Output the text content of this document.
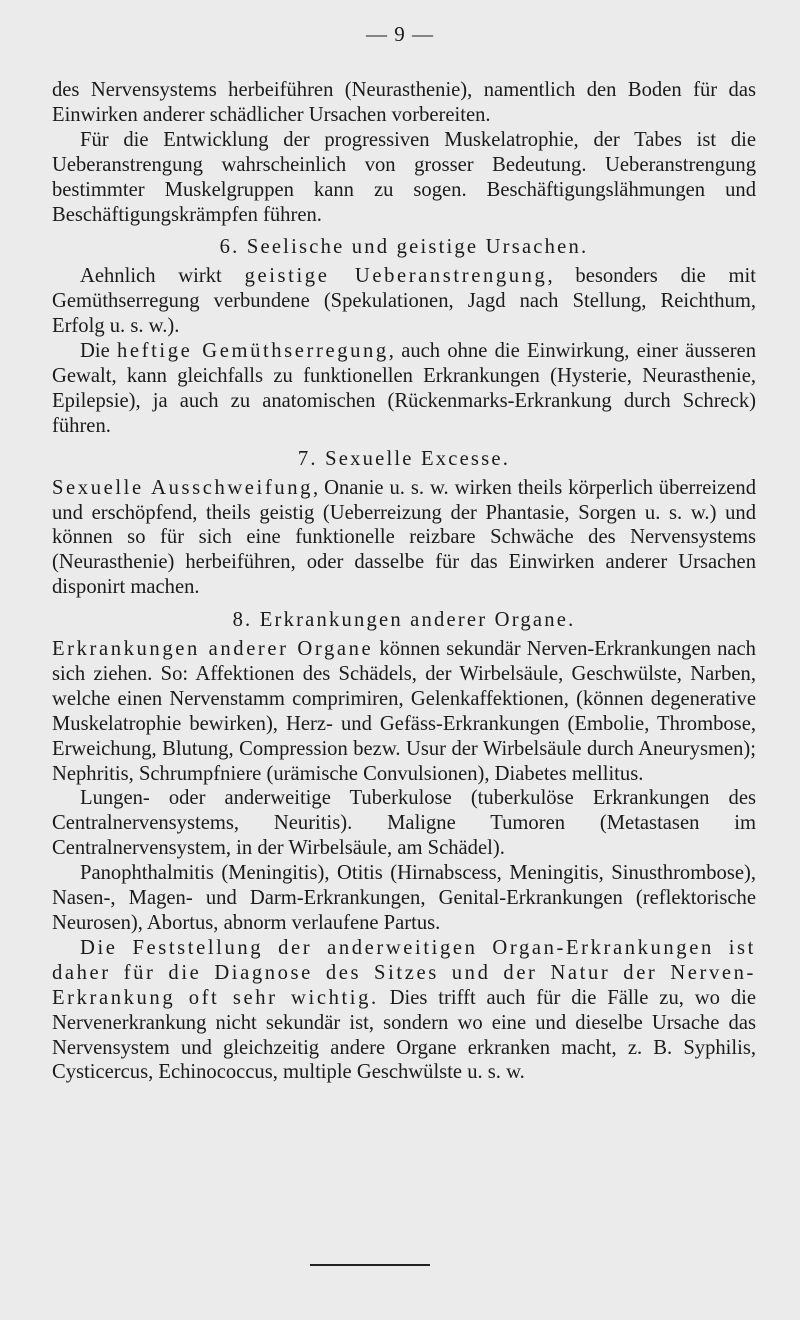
— 9 —

des Nervensystems herbeiführen (Neurasthenie), namentlich den Boden für das Einwirken anderer schädlicher Ursachen vorbereiten.

Für die Entwicklung der progressiven Muskelatrophie, der Tabes ist die Ueberanstrengung wahrscheinlich von grosser Bedeutung. Ueberanstrengung bestimmter Muskelgruppen kann zu sogen. Beschäftigungslähmungen und Beschäftigungskrämpfen führen.

6. Seelische und geistige Ursachen.

Aehnlich wirkt geistige Ueberanstrengung, besonders die mit Gemüthserregung verbundene (Spekulationen, Jagd nach Stellung, Reichthum, Erfolg u. s. w.).

Die heftige Gemüthserregung, auch ohne die Einwirkung, einer äusseren Gewalt, kann gleichfalls zu funktionellen Erkrankungen (Hysterie, Neurasthenie, Epilepsie), ja auch zu anatomischen (Rückenmarks-Erkrankung durch Schreck) führen.

7. Sexuelle Excesse.

Sexuelle Ausschweifung, Onanie u. s. w. wirken theils körperlich überreizend und erschöpfend, theils geistig (Ueberreizung der Phantasie, Sorgen u. s. w.) und können so für sich eine funktionelle reizbare Schwäche des Nervensystems (Neurasthenie) herbeiführen, oder dasselbe für das Einwirken anderer Ursachen disponirt machen.

8. Erkrankungen anderer Organe.

Erkrankungen anderer Organe können sekundär Nerven-Erkrankungen nach sich ziehen. So: Affektionen des Schädels, der Wirbelsäule, Geschwülste, Narben, welche einen Nervenstamm comprimiren, Gelenkaffektionen, (können degenerative Muskelatrophie bewirken), Herz- und Gefäss-Erkrankungen (Embolie, Thrombose, Erweichung, Blutung, Compression bezw. Usur der Wirbelsäule durch Aneurysmen); Nephritis, Schrumpfniere (urämische Convulsionen), Diabetes mellitus.

Lungen- oder anderweitige Tuberkulose (tuberkulöse Erkrankungen des Centralnervensystems, Neuritis). Maligne Tumoren (Metastasen im Centralnervensystem, in der Wirbelsäule, am Schädel).

Panophthalmitis (Meningitis), Otitis (Hirnabscess, Meningitis, Sinusthrombose), Nasen-, Magen- und Darm-Erkrankungen, Genital-Erkrankungen (reflektorische Neurosen), Abortus, abnorm verlaufene Partus.

Die Feststellung der anderweitigen Organ-Erkrankungen ist daher für die Diagnose des Sitzes und der Natur der Nerven-Erkrankung oft sehr wichtig. Dies trifft auch für die Fälle zu, wo die Nervenerkrankung nicht sekundär ist, sondern wo eine und dieselbe Ursache das Nervensystem und gleichzeitig andere Organe erkranken macht, z. B. Syphilis, Cysticercus, Echinococcus, multiple Geschwülste u. s. w.
